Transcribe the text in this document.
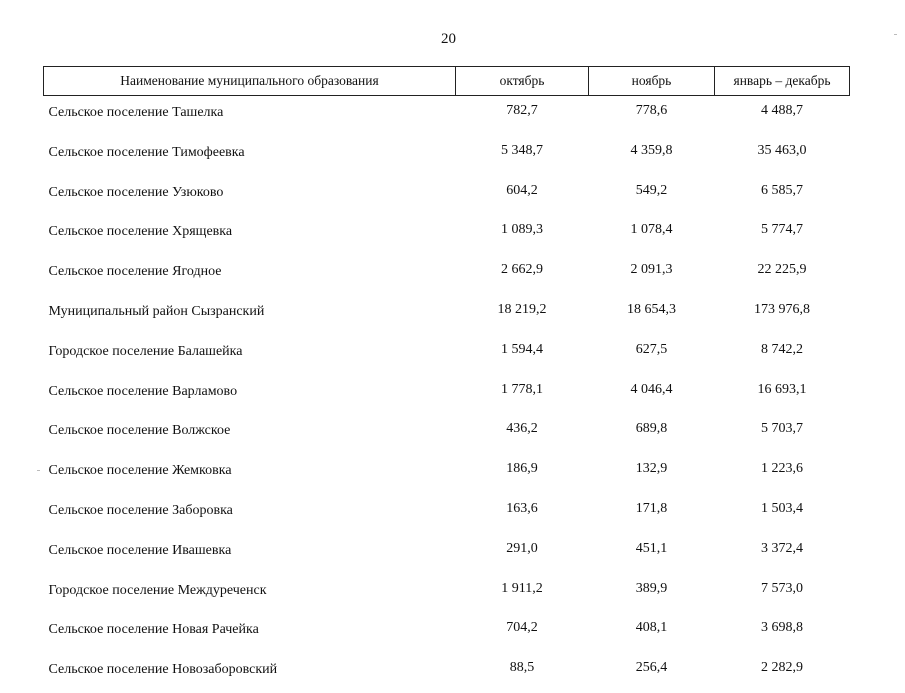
20
Наименование муниципального образования	октябрь	ноябрь	январь – декабрь
Сельское поселение Ташелка	782,7	778,6	4 488,7
Сельское поселение Тимофеевка	5 348,7	4 359,8	35 463,0
Сельское поселение Узюково	604,2	549,2	6 585,7
Сельское поселение Хрящевка	1 089,3	1 078,4	5 774,7
Сельское поселение Ягодное	2 662,9	2 091,3	22 225,9
Муниципальный район Сызранский	18 219,2	18 654,3	173 976,8
Городское поселение Балашейка	1 594,4	627,5	8 742,2
Сельское поселение Варламово	1 778,1	4 046,4	16 693,1
Сельское поселение Волжское	436,2	689,8	5 703,7
Сельское поселение Жемковка	186,9	132,9	1 223,6
Сельское поселение Заборовка	163,6	171,8	1 503,4
Сельское поселение Ивашевка	291,0	451,1	3 372,4
Городское поселение Междуреченск	1 911,2	389,9	7 573,0
Сельское поселение Новая Рачейка	704,2	408,1	3 698,8
Сельское поселение Новозаборовский	88,5	256,4	2 282,9
